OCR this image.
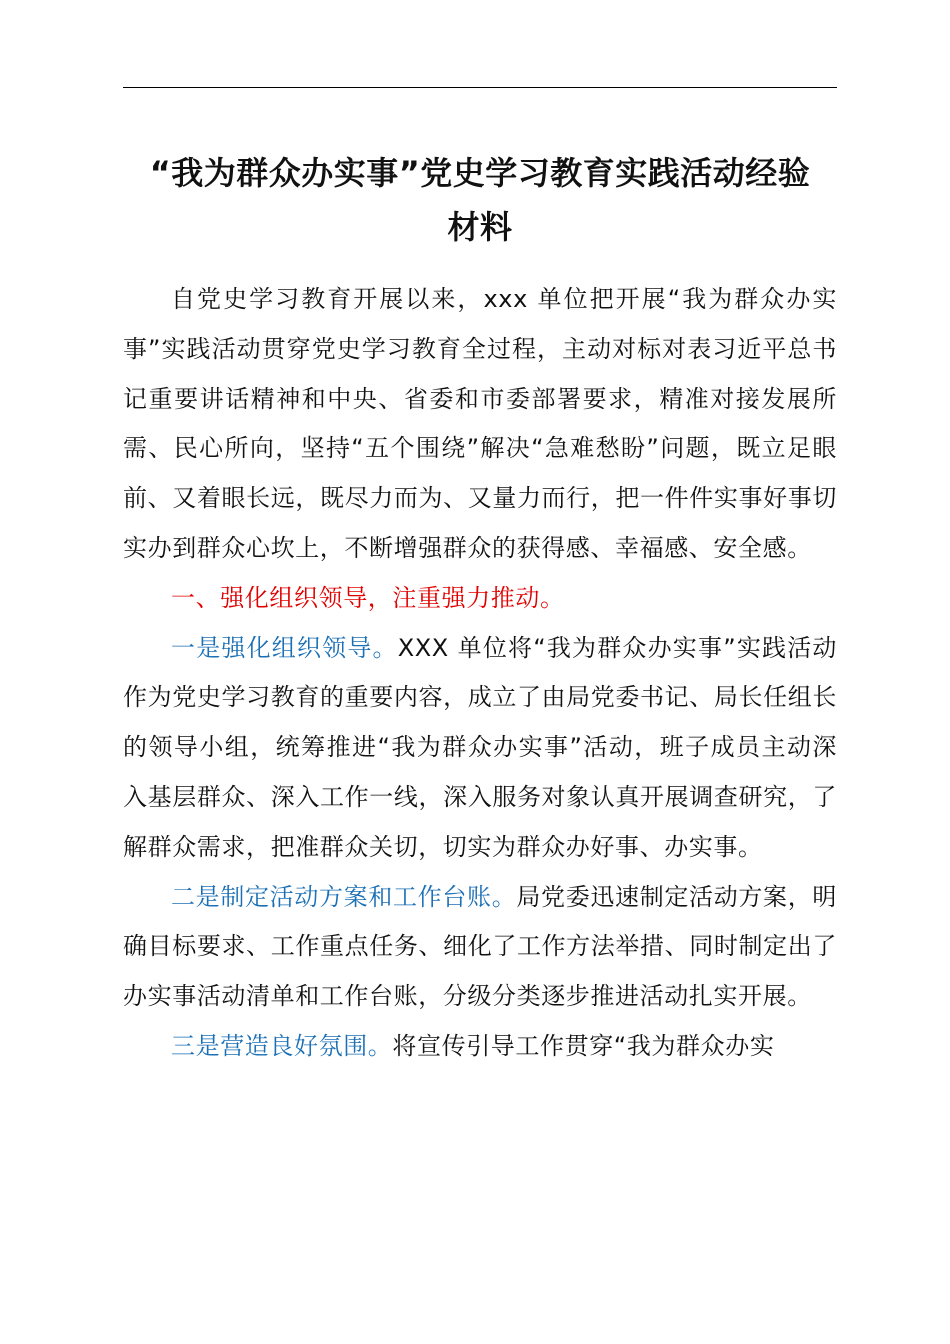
“我为群众办实事”党史学习教育实践活动经验
材料

自党史学习教育开展以来，xxx 单位把开展“我为群众办实事”实践活动贯穿党史学习教育全过程，主动对标对表习近平总书记重要讲话精神和中央、省委和市委部署要求，精准对接发展所需、民心所向，坚持“五个围绕”解决“急难愁盼”问题，既立足眼前、又着眼长远，既尽力而为、又量力而行，把一件件实事好事切实办到群众心坎上，不断增强群众的获得感、幸福感、安全感。

一、强化组织领导，注重强力推动。

一是强化组织领导。XXX 单位将“我为群众办实事”实践活动作为党史学习教育的重要内容，成立了由局党委书记、局长任组长的领导小组，统筹推进“我为群众办实事”活动，班子成员主动深入基层群众、深入工作一线，深入服务对象认真开展调查研究，了解群众需求，把准群众关切，切实为群众办好事、办实事。

二是制定活动方案和工作台账。局党委迅速制定活动方案，明确目标要求、工作重点任务、细化了工作方法举措、同时制定出了办实事活动清单和工作台账，分级分类逐步推进活动扎实开展。

三是营造良好氛围。将宣传引导工作贯穿“我为群众办实
